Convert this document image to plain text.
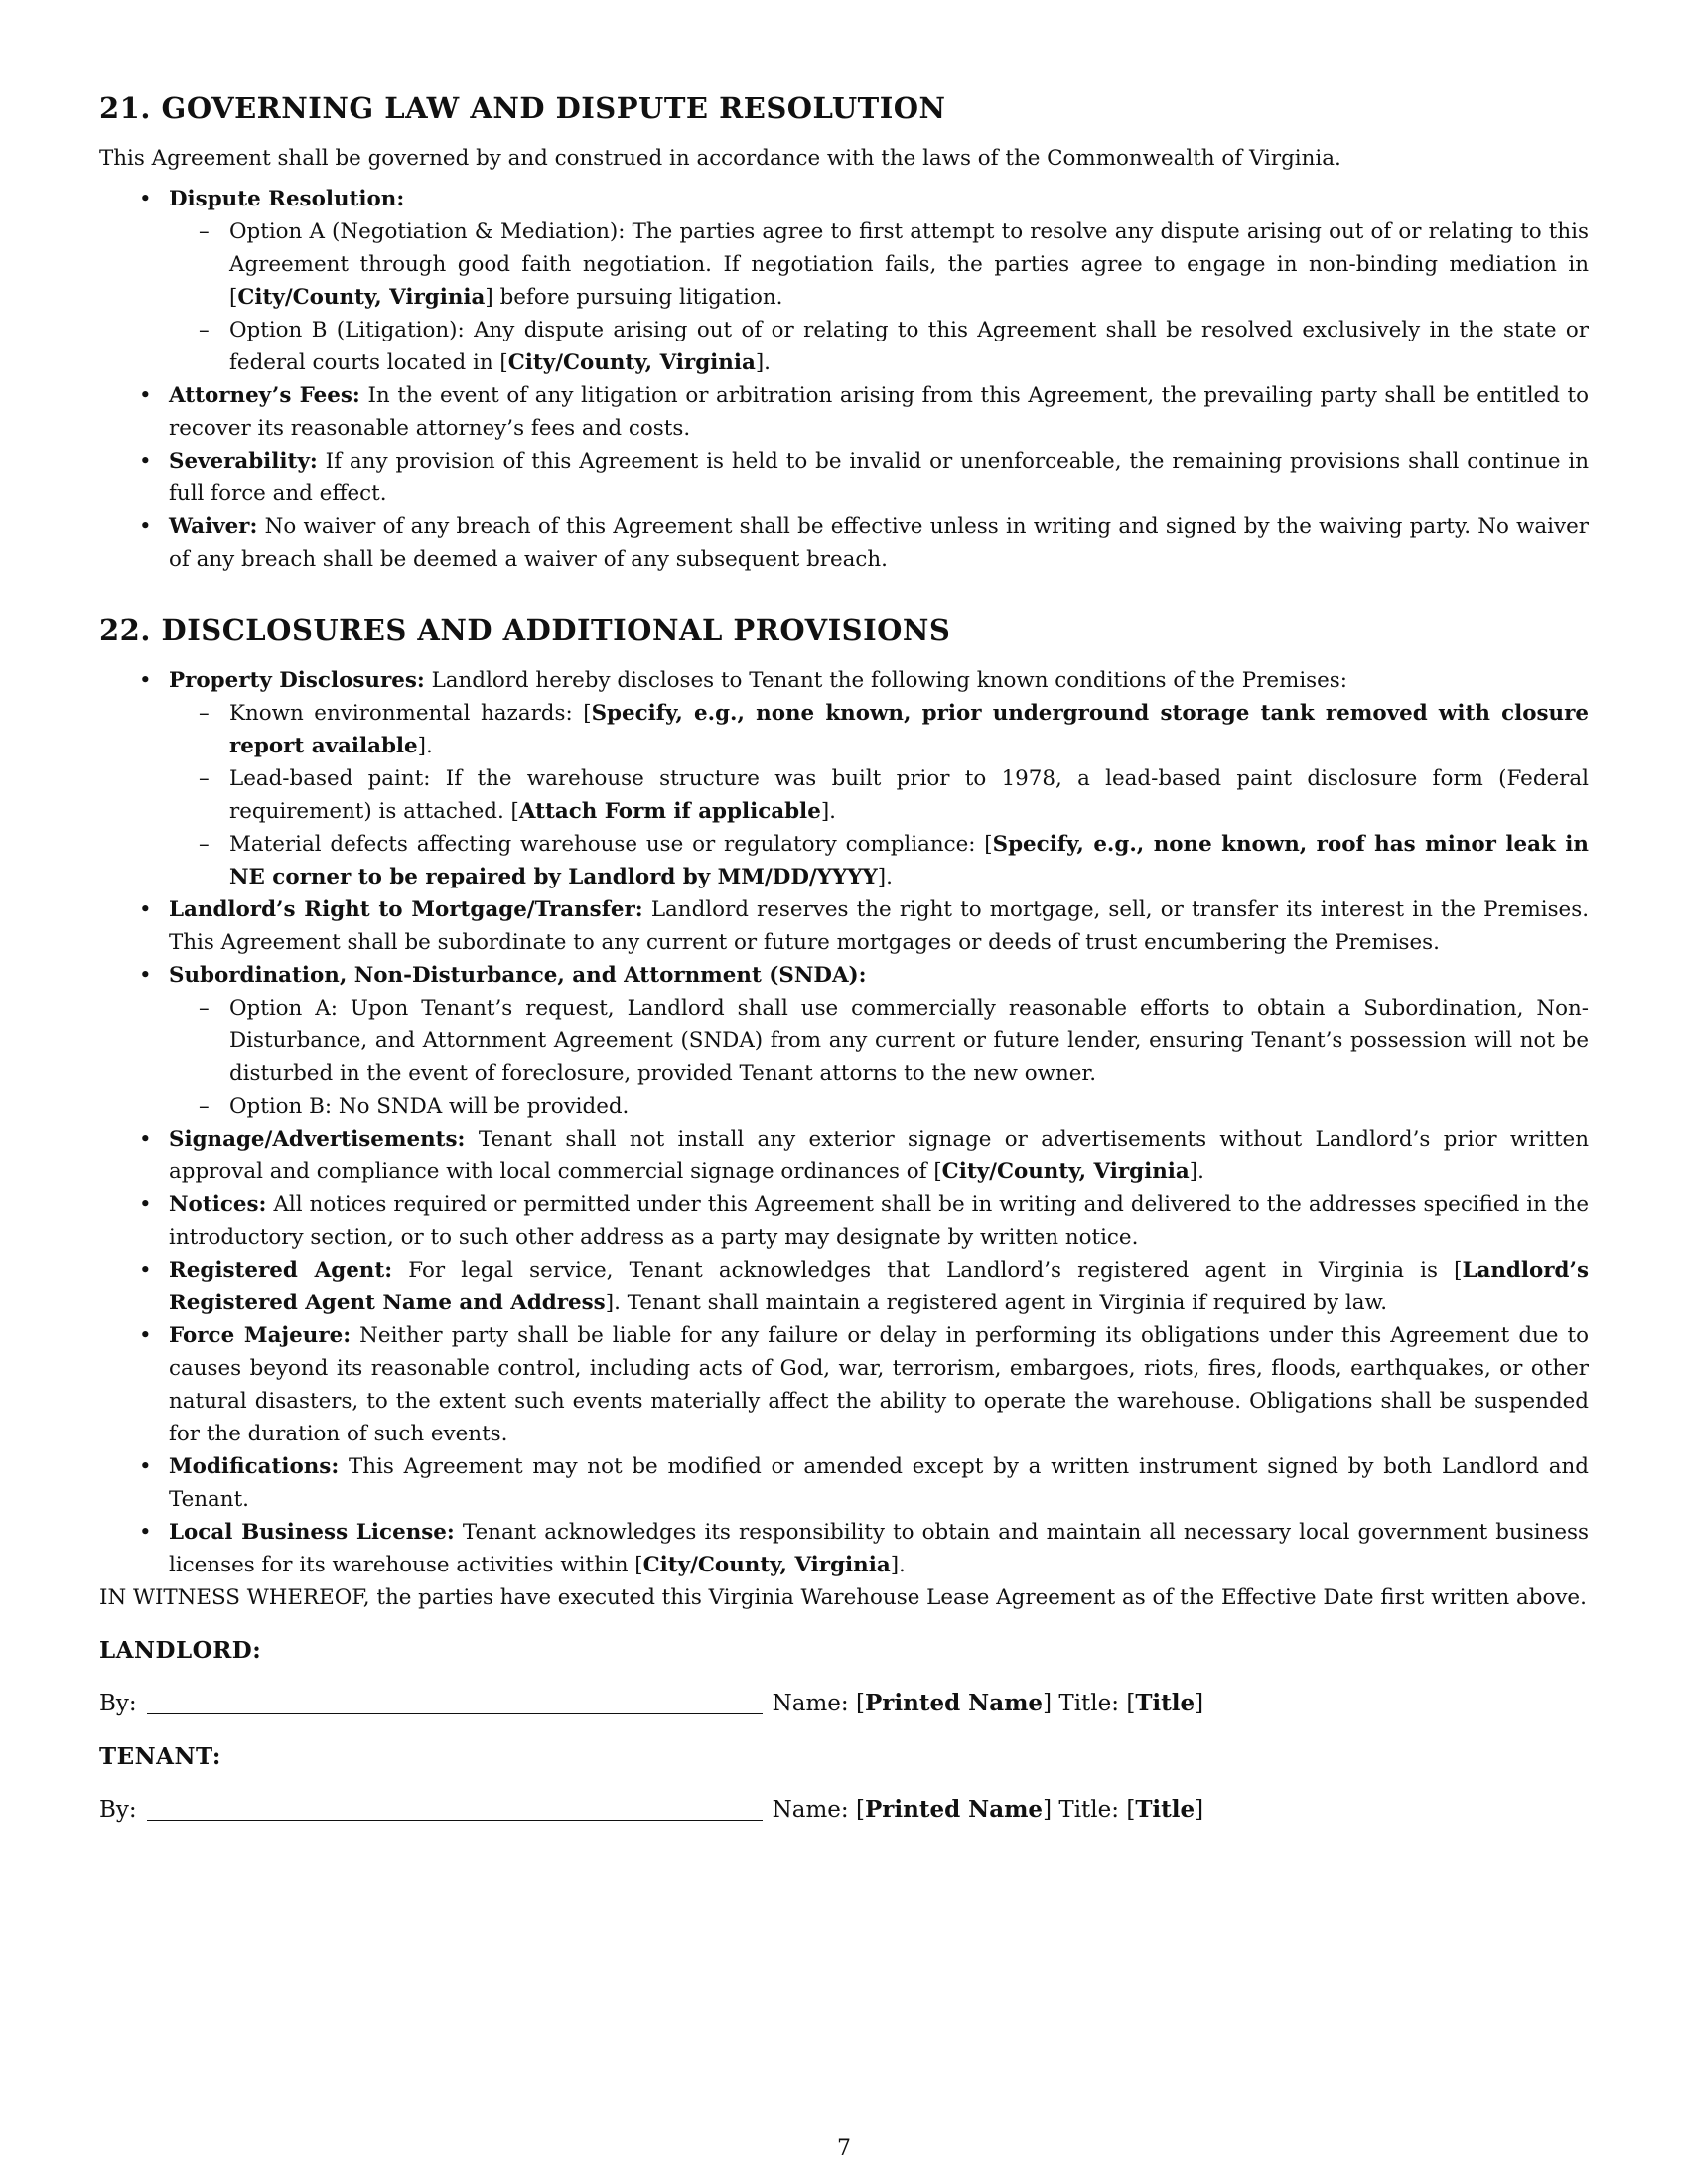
21. GOVERNING LAW AND DISPUTE RESOLUTION

This Agreement shall be governed by and construed in accordance with the laws of the Commonwealth of Virginia.

• Dispute Resolution:
– Option A (Negotiation & Mediation): The parties agree to first attempt to resolve any dispute arising out of or relating to this Agreement through good faith negotiation. If negotiation fails, the parties agree to engage in non-binding mediation in [City/County, Virginia] before pursuing litigation.
– Option B (Litigation): Any dispute arising out of or relating to this Agreement shall be resolved exclusively in the state or federal courts located in [City/County, Virginia].
• Attorney’s Fees: In the event of any litigation or arbitration arising from this Agreement, the prevailing party shall be entitled to recover its reasonable attorney’s fees and costs.
• Severability: If any provision of this Agreement is held to be invalid or unenforceable, the remaining provisions shall continue in full force and effect.
• Waiver: No waiver of any breach of this Agreement shall be effective unless in writing and signed by the waiving party. No waiver of any breach shall be deemed a waiver of any subsequent breach.
22. DISCLOSURES AND ADDITIONAL PROVISIONS
• Property Disclosures: Landlord hereby discloses to Tenant the following known conditions of the Premises:
– Known environmental hazards: [Specify, e.g., none known, prior underground storage tank removed with closure report available].
– Lead-based paint: If the warehouse structure was built prior to 1978, a lead-based paint disclosure form (Federal requirement) is attached. [Attach Form if applicable].
– Material defects affecting warehouse use or regulatory compliance: [Specify, e.g., none known, roof has minor leak in NE corner to be repaired by Landlord by MM/DD/YYYY].
• Landlord’s Right to Mortgage/Transfer: Landlord reserves the right to mortgage, sell, or transfer its interest in the Premises. This Agreement shall be subordinate to any current or future mortgages or deeds of trust encumbering the Premises.
• Subordination, Non-Disturbance, and Attornment (SNDA):
– Option A: Upon Tenant’s request, Landlord shall use commercially reasonable efforts to obtain a Subordination, Non-Disturbance, and Attornment Agreement (SNDA) from any current or future lender, ensuring Tenant’s possession will not be disturbed in the event of foreclosure, provided Tenant attorns to the new owner.
– Option B: No SNDA will be provided.
• Signage/Advertisements: Tenant shall not install any exterior signage or advertisements without Landlord’s prior written approval and compliance with local commercial signage ordinances of [City/County, Virginia].
• Notices: All notices required or permitted under this Agreement shall be in writing and delivered to the addresses specified in the introductory section, or to such other address as a party may designate by written notice.
• Registered Agent: For legal service, Tenant acknowledges that Landlord’s registered agent in Virginia is [Landlord’s Registered Agent Name and Address]. Tenant shall maintain a registered agent in Virginia if required by law.
• Force Majeure: Neither party shall be liable for any failure or delay in performing its obligations under this Agreement due to causes beyond its reasonable control, including acts of God, war, terrorism, embargoes, riots, fires, floods, earthquakes, or other natural disasters, to the extent such events materially affect the ability to operate the warehouse. Obligations shall be suspended for the duration of such events.
• Modifications: This Agreement may not be modified or amended except by a written instrument signed by both Landlord and Tenant.
• Local Business License: Tenant acknowledges its responsibility to obtain and maintain all necessary local government business licenses for its warehouse activities within [City/County, Virginia].

IN WITNESS WHEREOF, the parties have executed this Virginia Warehouse Lease Agreement as of the Effective Date first written above.

LANDLORD:
By:	Name: [Printed Name] Title: [Title]
TENANT:
By:	Name: [Printed Name] Title: [Title]
7
